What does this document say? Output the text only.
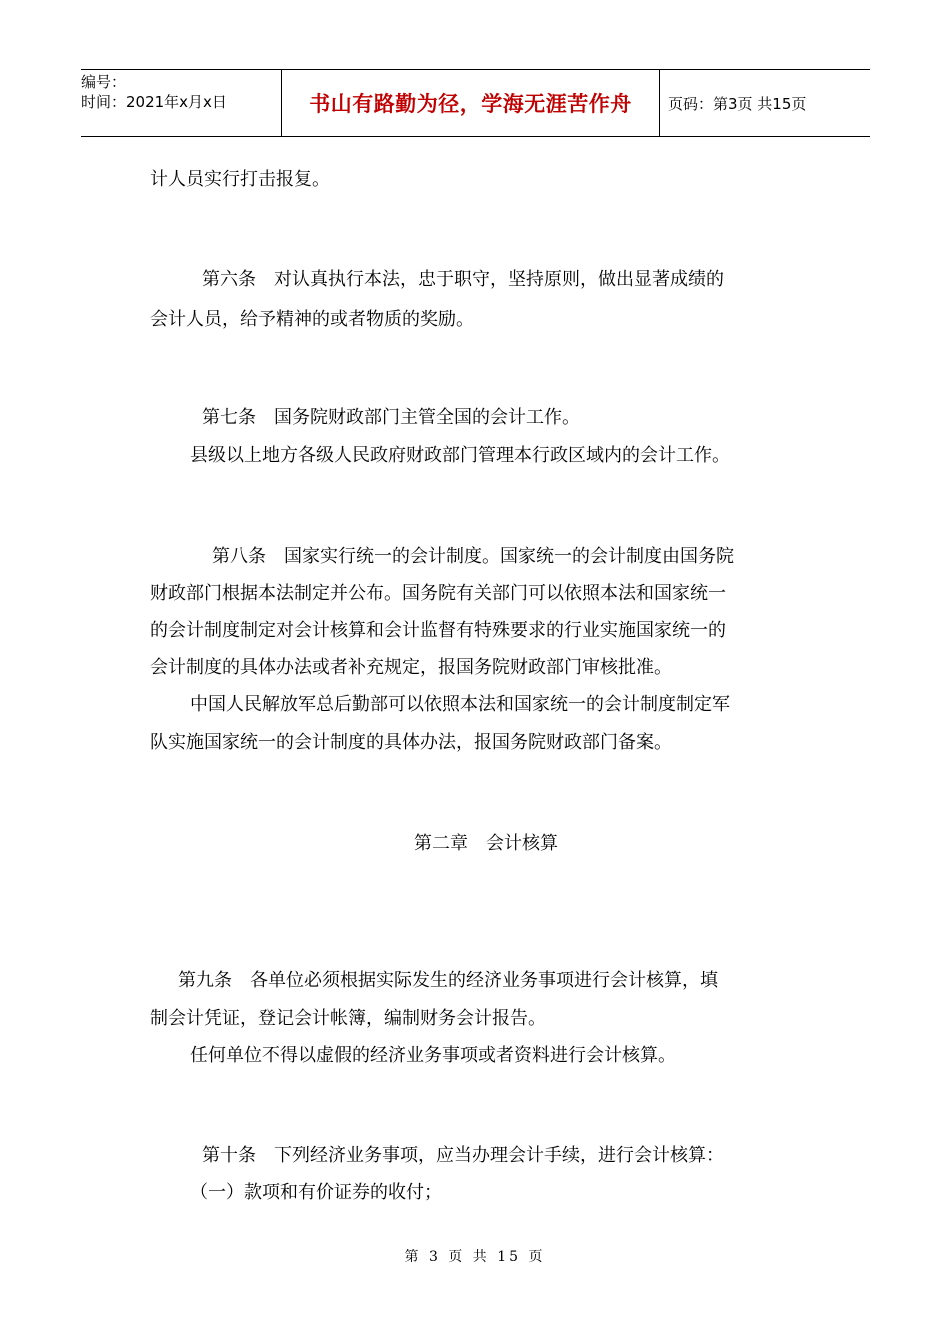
编号：
时间：2021年x月x日	书山有路勤为径，学海无涯苦作舟	页码：第3页 共15页
计人员实行打击报复。
第六条　对认真执行本法，忠于职守，坚持原则，做出显著成绩的
会计人员，给予精神的或者物质的奖励。
第七条　国务院财政部门主管全国的会计工作。
县级以上地方各级人民政府财政部门管理本行政区域内的会计工作。
第八条　国家实行统一的会计制度。国家统一的会计制度由国务院
财政部门根据本法制定并公布。国务院有关部门可以依照本法和国家统一
的会计制度制定对会计核算和会计监督有特殊要求的行业实施国家统一的
会计制度的具体办法或者补充规定，报国务院财政部门审核批准。
中国人民解放军总后勤部可以依照本法和国家统一的会计制度制定军
队实施国家统一的会计制度的具体办法，报国务院财政部门备案。
第二章　会计核算
第九条　各单位必须根据实际发生的经济业务事项进行会计核算，填
制会计凭证，登记会计帐簿，编制财务会计报告。
任何单位不得以虚假的经济业务事项或者资料进行会计核算。
第十条　下列经济业务事项，应当办理会计手续，进行会计核算：
（一）款项和有价证券的收付；
第 3 页 共 15 页
